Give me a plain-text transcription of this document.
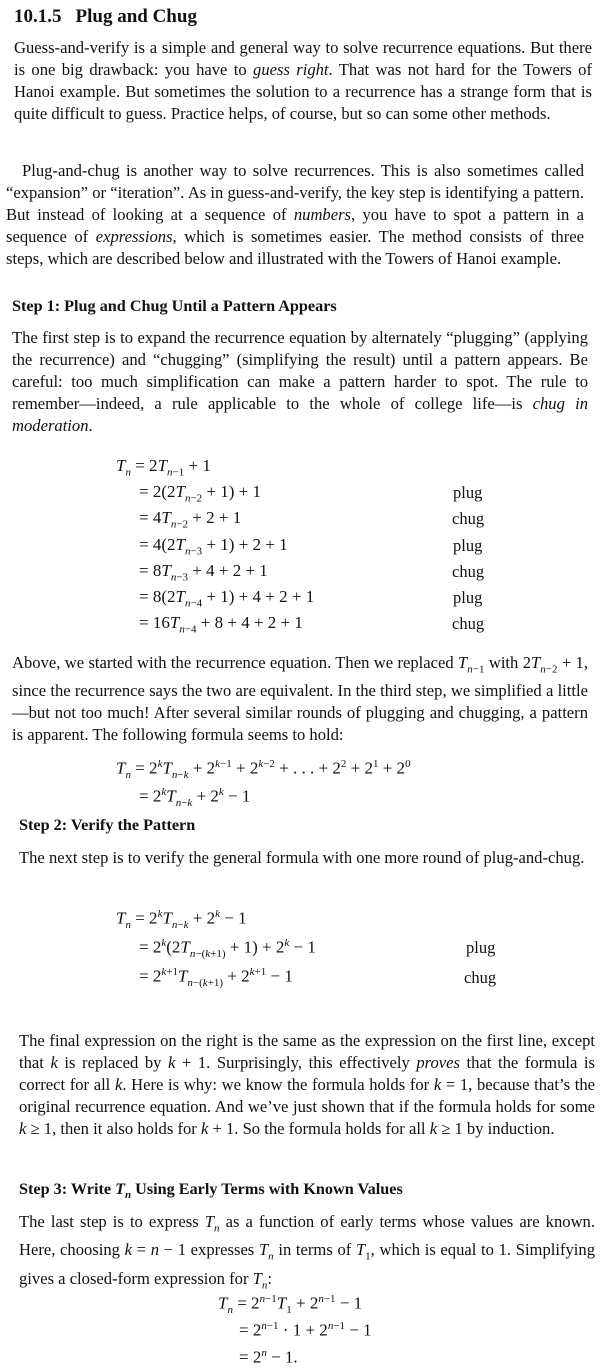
10.1.5 Plug and Chug
Guess-and-verify is a simple and general way to solve recurrence equations. But there is one big drawback: you have to guess right. That was not hard for the Towers of Hanoi example. But sometimes the solution to a recurrence has a strange form that is quite difficult to guess. Practice helps, of course, but so can some other methods.
Plug-and-chug is another way to solve recurrences. This is also sometimes called “expansion” or “iteration”. As in guess-and-verify, the key step is identifying a pattern. But instead of looking at a sequence of numbers, you have to spot a pattern in a sequence of expressions, which is sometimes easier. The method consists of three steps, which are described below and illustrated with the Towers of Hanoi example.
Step 1: Plug and Chug Until a Pattern Appears
The first step is to expand the recurrence equation by alternately “plugging” (applying the recurrence) and “chugging” (simplifying the result) until a pattern appears. Be careful: too much simplification can make a pattern harder to spot. The rule to remember—indeed, a rule applicable to the whole of college life—is chug in moderation.
$T_n = 2T_{n-1} + 1$
= $2(2T_{n-2} + 1) + 1$
= $4T_{n-2} + 2 + 1$
= $4(2T_{n-3} + 1) + 2 + 1$
= $8T_{n-3} + 4 + 2 + 1$
= $8(2T_{n-4} + 1) + 4 + 2 + 1$
= $16T_{n-4} + 8 + 4 + 2 + 1$
plug
chug
plug
chug
plug
chug
Above, we started with the recurrence equation. Then we replaced $T_{n-1}$ with $2T_{n-2} + 1$, since the recurrence says the two are equivalent. In the third step, we simplified a little—but not too much! After several similar rounds of plugging and chugging, a pattern is apparent. The following formula seems to hold:
$T_n = 2^kT_{n-k} + 2^{k-1} + 2^{k-2}$ + . . . + $2^2 + 2^1 + 2^0$
= $2^kT_{n-k} + 2^k - 1$
Step 2: Verify the Pattern
The next step is to verify the general formula with one more round of plug-and-chug.
$T_n = 2^kT_{n-k} + 2^k - 1$
= $2^k(2T_{n-(k+1)} + 1) + 2^k - 1$
= $2^{k+1}T_{n-(k+1)} + 2^{k+1} - 1$
plug
chug
The final expression on the right is the same as the expression on the first line, except that k is replaced by k + 1. Surprisingly, this effectively proves that the formula is correct for all k. Here is why: we know the formula holds for k = 1, because that’s the original recurrence equation. And we’ve just shown that if the formula holds for some k ≥ 1, then it also holds for k + 1. So the formula holds for all k ≥ 1 by induction.
Step 3: Write $T_n$ Using Early Terms with Known Values
The last step is to express $T_n$ as a function of early terms whose values are known. Here, choosing k = n − 1 expresses $T_n$ in terms of $T_1$, which is equal to 1. Simplifying gives a closed-form expression for $T_n$:
$T_n = 2^{n-1}T_1 + 2^{n-1} - 1$
= $2^{n-1} \cdot 1 + 2^{n-1} - 1$
= $2^n - 1$.
